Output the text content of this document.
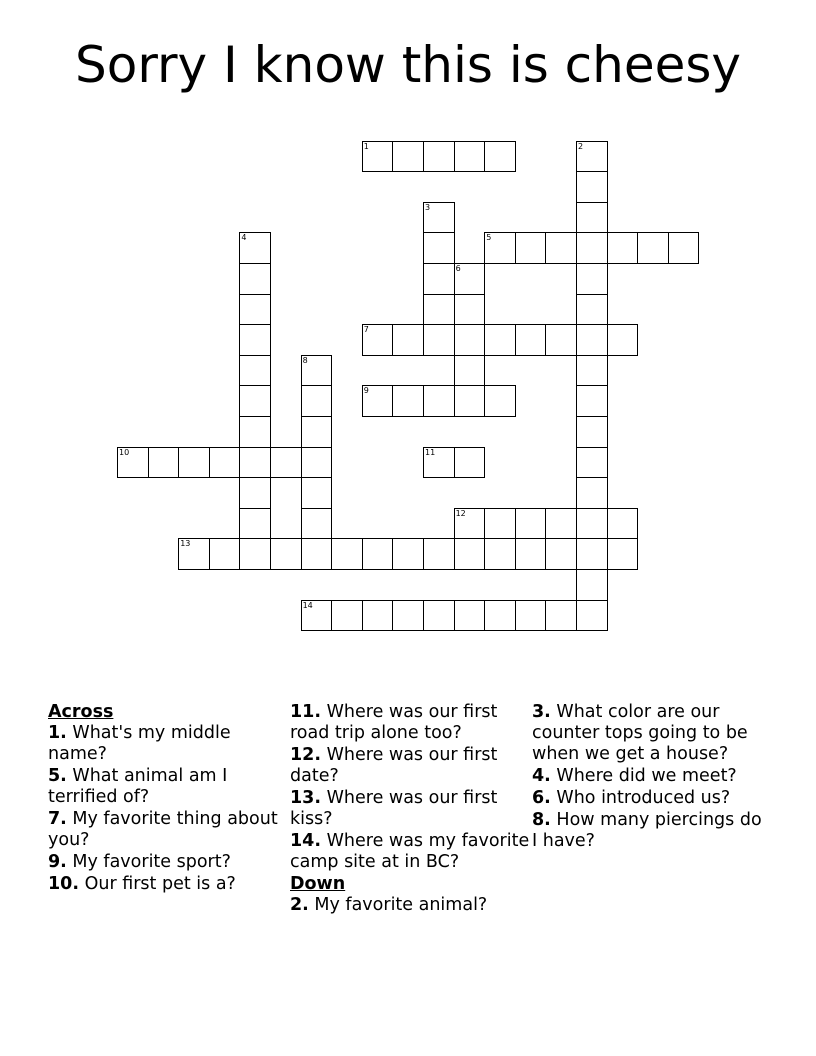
Sorry I know this is cheesy
1	2
3
4	5
6
7
8
9
10	11
12
13
14
Across
1. What's my middle name?
5. What animal am I terrified of?
7. My favorite thing about you?
9. My favorite sport?
10. Our first pet is a?
11. Where was our first road trip alone too?
12. Where was our first date?
13. Where was our first kiss?
14. Where was my favorite camp site at in BC?
Down
2. My favorite animal?
3. What color are our counter tops going to be when we get a house?
4. Where did we meet?
6. Who introduced us?
8. How many piercings do I have?
